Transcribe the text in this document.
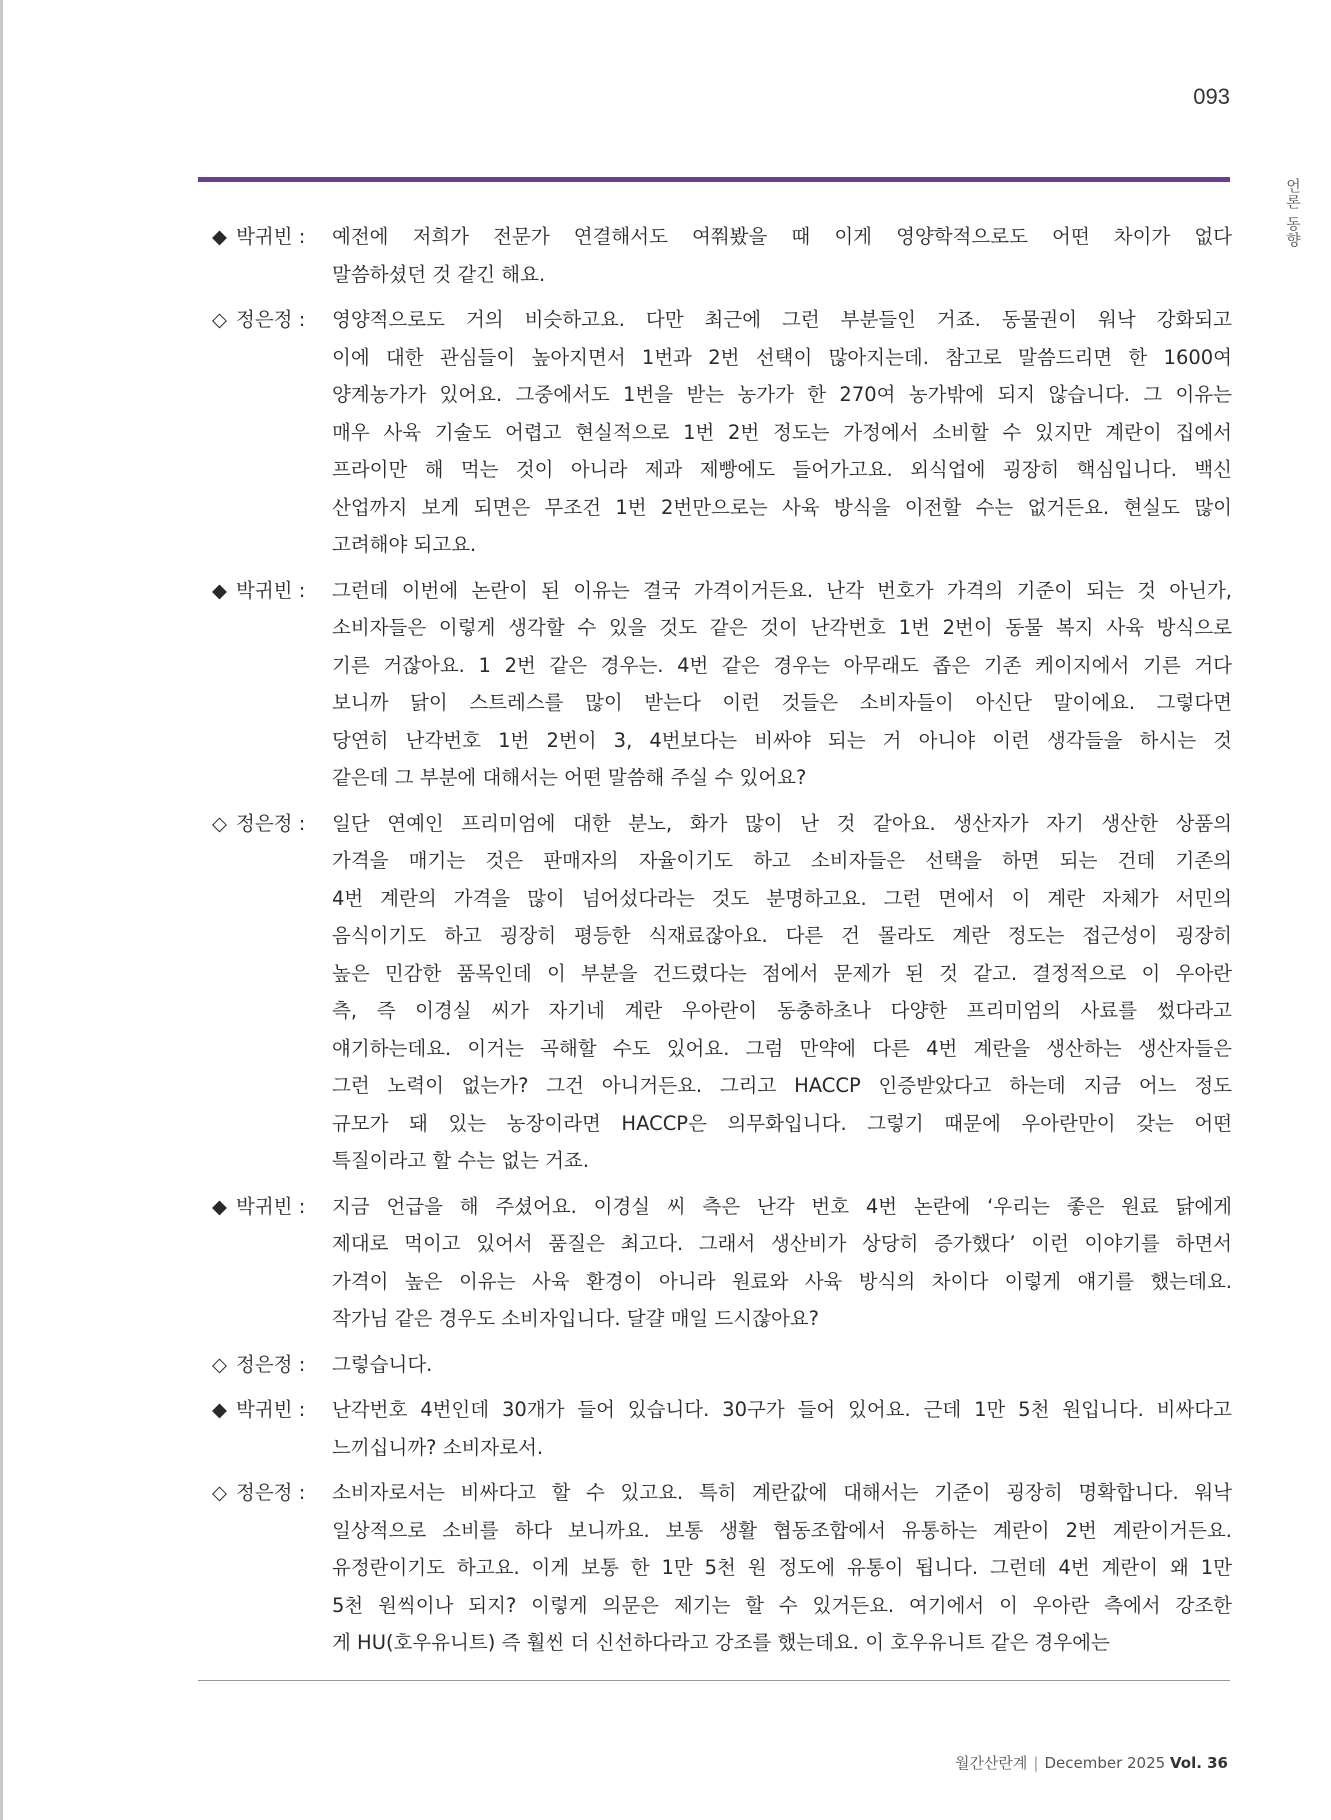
093
언론 동향
◆ 박귀빈 :	예전에 저희가 전문가 연결해서도 여쭤봤을 때 이게 영양학적으로도 어떤 차이가 없다
말씀하셨던 것 같긴 해요.
◇ 정은정 :	영양적으로도 거의 비슷하고요. 다만 최근에 그런 부분들인 거죠. 동물권이 워낙 강화되고
이에 대한 관심들이 높아지면서 1번과 2번 선택이 많아지는데. 참고로 말씀드리면 한 1600여
양계농가가 있어요. 그중에서도 1번을 받는 농가가 한 270여 농가밖에 되지 않습니다. 그 이유는
매우 사육 기술도 어렵고 현실적으로 1번 2번 정도는 가정에서 소비할 수 있지만 계란이 집에서
프라이만 해 먹는 것이 아니라 제과 제빵에도 들어가고요. 외식업에 굉장히 핵심입니다. 백신
산업까지 보게 되면은 무조건 1번 2번만으로는 사육 방식을 이전할 수는 없거든요. 현실도 많이
고려해야 되고요.
◆ 박귀빈 :	그런데 이번에 논란이 된 이유는 결국 가격이거든요. 난각 번호가 가격의 기준이 되는 것 아닌가,
소비자들은 이렇게 생각할 수 있을 것도 같은 것이 난각번호 1번 2번이 동물 복지 사육 방식으로
기른 거잖아요. 1 2번 같은 경우는. 4번 같은 경우는 아무래도 좁은 기존 케이지에서 기른 거다
보니까 닭이 스트레스를 많이 받는다 이런 것들은 소비자들이 아신단 말이에요. 그렇다면
당연히 난각번호 1번 2번이 3, 4번보다는 비싸야 되는 거 아니야 이런 생각들을 하시는 것
같은데 그 부분에 대해서는 어떤 말씀해 주실 수 있어요?
◇ 정은정 :	일단 연예인 프리미엄에 대한 분노, 화가 많이 난 것 같아요. 생산자가 자기 생산한 상품의
가격을 매기는 것은 판매자의 자율이기도 하고 소비자들은 선택을 하면 되는 건데 기존의
4번 계란의 가격을 많이 넘어섰다라는 것도 분명하고요. 그런 면에서 이 계란 자체가 서민의
음식이기도 하고 굉장히 평등한 식재료잖아요. 다른 건 몰라도 계란 정도는 접근성이 굉장히
높은 민감한 품목인데 이 부분을 건드렸다는 점에서 문제가 된 것 같고. 결정적으로 이 우아란
측, 즉 이경실 씨가 자기네 계란 우아란이 동충하초나 다양한 프리미엄의 사료를 썼다라고
얘기하는데요. 이거는 곡해할 수도 있어요. 그럼 만약에 다른 4번 계란을 생산하는 생산자들은
그런 노력이 없는가? 그건 아니거든요. 그리고 HACCP 인증받았다고 하는데 지금 어느 정도
규모가 돼 있는 농장이라면 HACCP은 의무화입니다. 그렇기 때문에 우아란만이 갖는 어떤
특질이라고 할 수는 없는 거죠.
◆ 박귀빈 :	지금 언급을 해 주셨어요. 이경실 씨 측은 난각 번호 4번 논란에 ‘우리는 좋은 원료 닭에게
제대로 먹이고 있어서 품질은 최고다. 그래서 생산비가 상당히 증가했다’ 이런 이야기를 하면서
가격이 높은 이유는 사육 환경이 아니라 원료와 사육 방식의 차이다 이렇게 얘기를 했는데요.
작가님 같은 경우도 소비자입니다. 달걀 매일 드시잖아요?
◇ 정은정 :	그렇습니다.
◆ 박귀빈 :	난각번호 4번인데 30개가 들어 있습니다. 30구가 들어 있어요. 근데 1만 5천 원입니다. 비싸다고
느끼십니까? 소비자로서.
◇ 정은정 :	소비자로서는 비싸다고 할 수 있고요. 특히 계란값에 대해서는 기준이 굉장히 명확합니다. 워낙
일상적으로 소비를 하다 보니까요. 보통 생활 협동조합에서 유통하는 계란이 2번 계란이거든요.
유정란이기도 하고요. 이게 보통 한 1만 5천 원 정도에 유통이 됩니다. 그런데 4번 계란이 왜 1만
5천 원씩이나 되지? 이렇게 의문은 제기는 할 수 있거든요. 여기에서 이 우아란 측에서 강조한
게 HU(호우유니트) 즉 훨씬 더 신선하다라고 강조를 했는데요. 이 호우유니트 같은 경우에는
월간산란계 | December 2025 Vol. 36
